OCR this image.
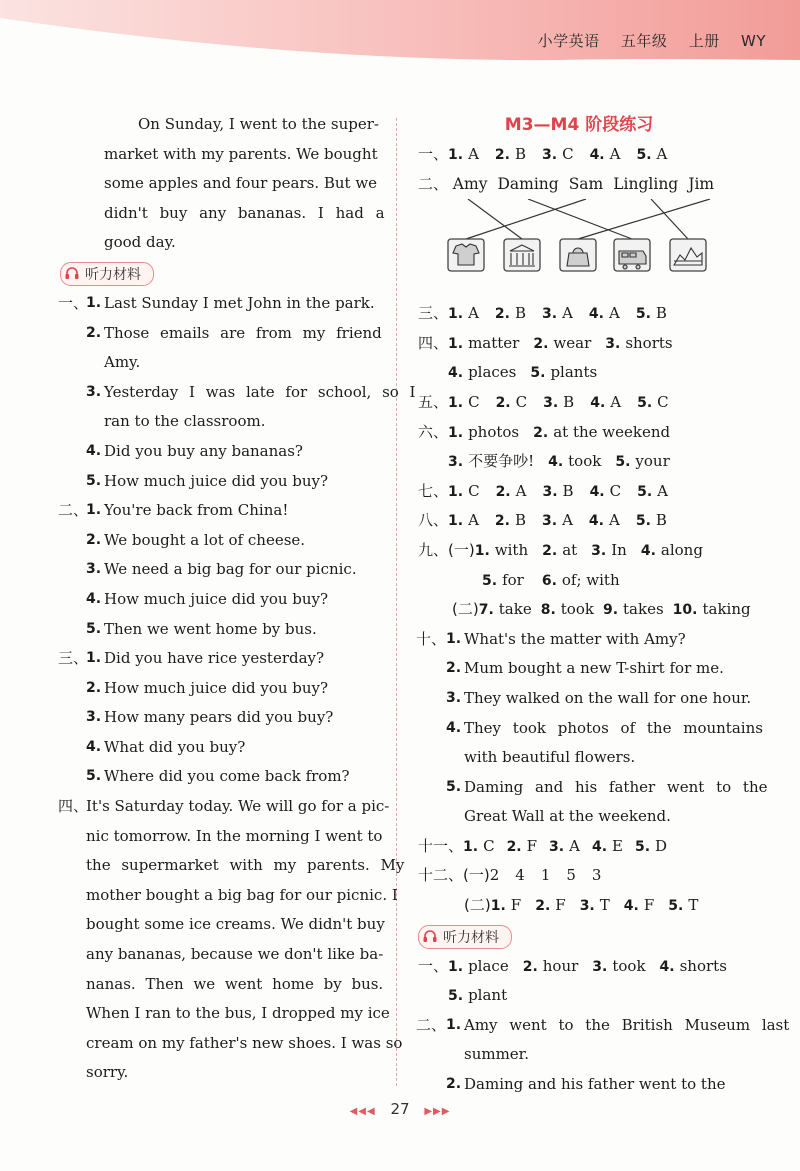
小学英语 五年级 上册 WY
On Sunday, I went to the super-
market with my parents. We bought
some apples and four pears. But we
didn't buy any bananas. I had a
good day.
听力材料
一、
1. Last Sunday I met John in the park.
2. Those emails are from my friend
Amy.
3. Yesterday I was late for school, so I
ran to the classroom.
4. Did you buy any bananas?
5. How much juice did you buy?
二、
1. You're back from China!
2. We bought a lot of cheese.
3. We need a big bag for our picnic.
4. How much juice did you buy?
5. Then we went home by bus.
三、
1. Did you have rice yesterday?
2. How much juice did you buy?
3. How many pears did you buy?
4. What did you buy?
5. Where did you come back from?
四、
It's Saturday today. We will go for a pic-
nic tomorrow. In the morning I went to
the supermarket with my parents. My
mother bought a big bag for our picnic. I
bought some ice creams. We didn't buy
any bananas, because we don't like ba-
nanas. Then we went home by bus.
When I ran to the bus, I dropped my ice
cream on my father's new shoes. I was so
sorry.
M3—M4 阶段练习
一、1. A 2. B 3. C 4. A 5. A
二、 Amy Daming Sam Lingling Jim
三、1. A 2. B 3. A 4. A 5. B
四、1. matter 2. wear 3. shorts
4. places 5. plants
五、1. C 2. C 3. B 4. A 5. C
六、1. photos 2. at the weekend
3. 不要争吵! 4. took 5. your
七、1. C 2. A 3. B 4. C 5. A
八、1. A 2. B 3. A 4. A 5. B
九、(一)1. with 2. at 3. In 4. along
5. for 6. of; with
(二)7. take 8. took 9. takes 10. taking
十、 1. What's the matter with Amy?
2. Mum bought a new T-shirt for me.
3. They walked on the wall for one hour.
4. They took photos of the mountains
with beautiful flowers.
5. Daming and his father went to the
Great Wall at the weekend.
十一、1. C 2. F 3. A 4. E 5. D
十二、(一)2 4 1 5 3
(二)1. F 2. F 3. T 4. F 5. T
听力材料
一、1. place 2. hour 3. took 4. shorts
5. plant
二、 1. Amy went to the British Museum last
summer.
2. Daming and his father went to the
◀◀◀ 27 ▶▶▶
